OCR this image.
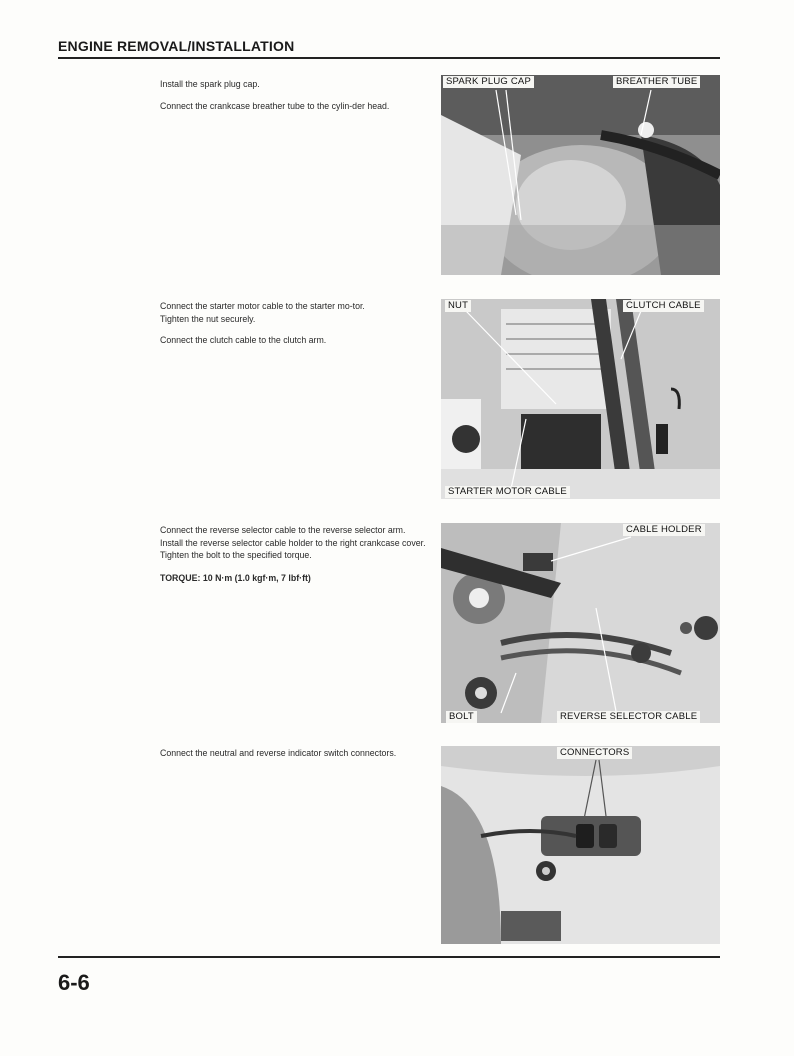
ENGINE REMOVAL/INSTALLATION

Install the spark plug cap.

Connect the crankcase breather tube to the cylin-der head.

SPARK PLUG CAP	BREATHER TUBE

Connect the starter motor cable to the starter mo-tor.

Tighten the nut securely.

Connect the clutch cable to the clutch arm.

NUT	CLUTCH CABLE
STARTER MOTOR CABLE

Connect the reverse selector cable to the reverse selector arm.

Install the reverse selector cable holder to the right crankcase cover.

Tighten the bolt to the specified torque.

TORQUE: 10 N·m (1.0 kgf·m, 7 lbf·ft)

CABLE HOLDER
BOLT	REVERSE SELECTOR CABLE

Connect the neutral and reverse indicator switch connectors.	CONNECTORS
6-6
